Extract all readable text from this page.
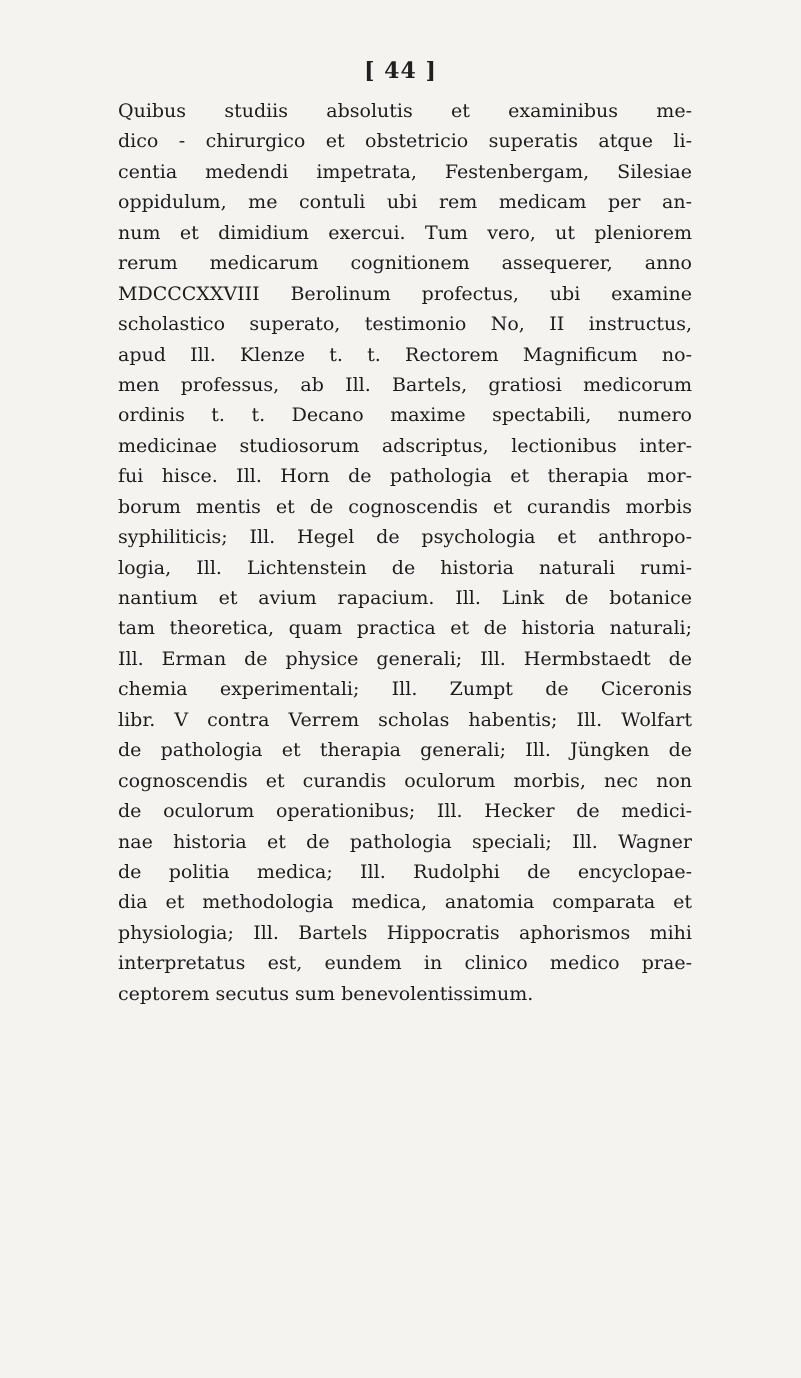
[ 44 ]
Quibus studiis absolutis et examinibus me-
dico - chirurgico et obstetricio superatis atque li-
centia medendi impetrata, Festenbergam, Silesiae
oppidulum, me contuli ubi rem medicam per an-
num et dimidium exercui. Tum vero, ut pleniorem
rerum medicarum cognitionem assequerer, anno
MDCCCXXVIII Berolinum profectus, ubi examine
scholastico superato, testimonio No, II instructus,
apud Ill. Klenze t. t. Rectorem Magnificum no-
men professus, ab Ill. Bartels, gratiosi medicorum
ordinis t. t. Decano maxime spectabili, numero
medicinae studiosorum adscriptus, lectionibus inter-
fui hisce. Ill. Horn de pathologia et therapia mor-
borum mentis et de cognoscendis et curandis morbis
syphiliticis; Ill. Hegel de psychologia et anthropo-
logia, Ill. Lichtenstein de historia naturali rumi-
nantium et avium rapacium. Ill. Link de botanice
tam theoretica, quam practica et de historia naturali;
Ill. Erman de physice generali; Ill. Hermbstaedt de
chemia experimentali; Ill. Zumpt de Ciceronis
libr. V contra Verrem scholas habentis; Ill. Wolfart
de pathologia et therapia generali; Ill. Jüngken de
cognoscendis et curandis oculorum morbis, nec non
de oculorum operationibus; Ill. Hecker de medici-
nae historia et de pathologia speciali; Ill. Wagner
de politia medica; Ill. Rudolphi de encyclopae-
dia et methodologia medica, anatomia comparata et
physiologia; Ill. Bartels Hippocratis aphorismos mihi
interpretatus est, eundem in clinico medico prae-
ceptorem secutus sum benevolentissimum.
